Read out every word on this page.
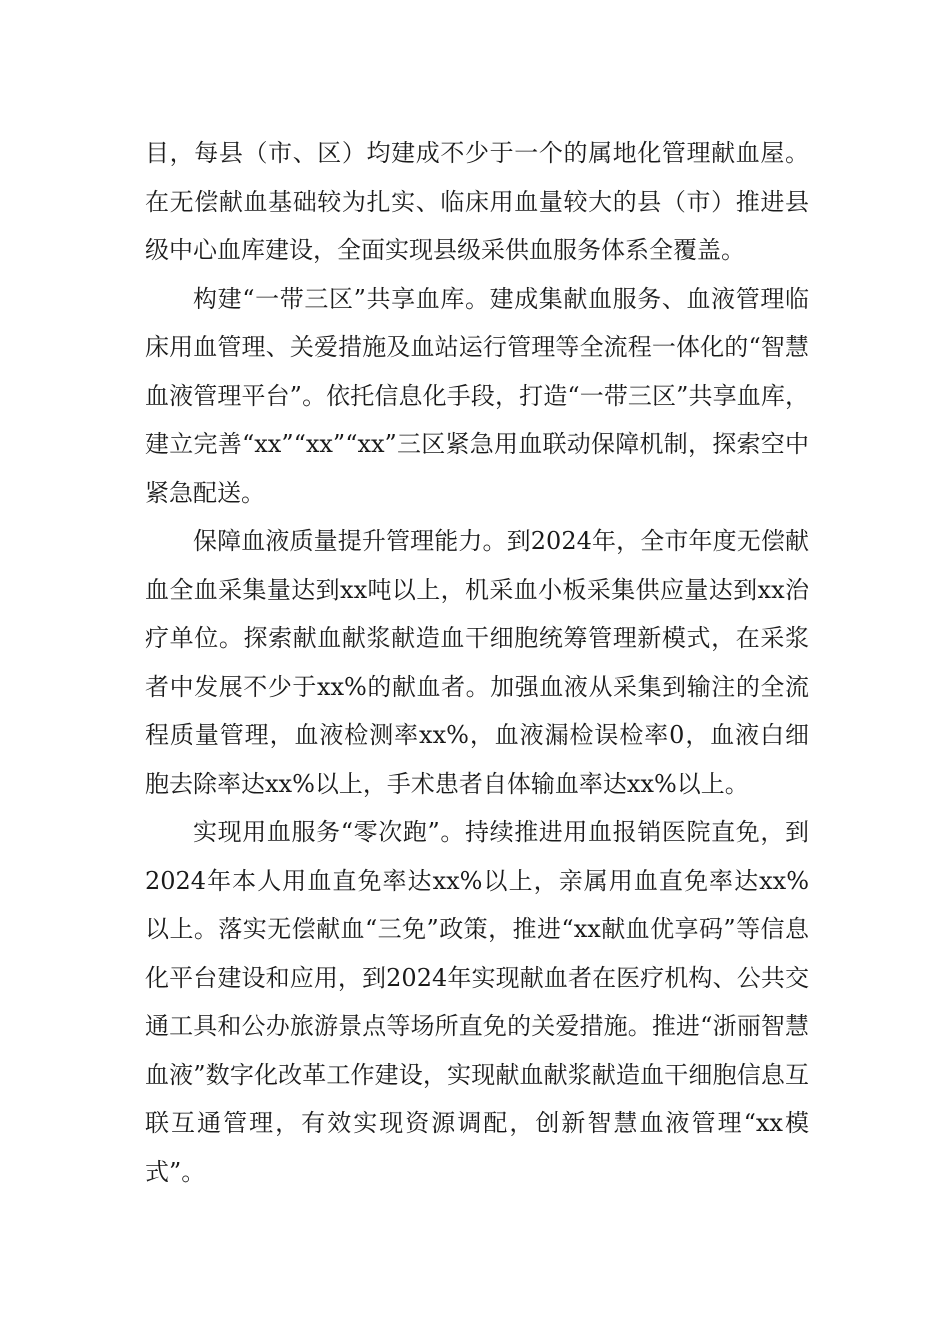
目，每县（市、区）均建成不少于一个的属地化管理献血屋。在无偿献血基础较为扎实、临床用血量较大的县（市）推进县级中心血库建设，全面实现县级采供血服务体系全覆盖。

构建“一带三区”共享血库。建成集献血服务、血液管理临床用血管理、关爱措施及血站运行管理等全流程一体化的“智慧血液管理平台”。依托信息化手段，打造“一带三区”共享血库，建立完善“xx”“xx”“xx”三区紧急用血联动保障机制，探索空中紧急配送。

保障血液质量提升管理能力。到2024年，全市年度无偿献血全血采集量达到xx吨以上，机采血小板采集供应量达到xx治疗单位。探索献血献浆献造血干细胞统筹管理新模式，在采浆者中发展不少于xx%的献血者。加强血液从采集到输注的全流程质量管理，血液检测率xx%，血液漏检误检率0，血液白细胞去除率达xx%以上，手术患者自体输血率达xx%以上。

实现用血服务“零次跑”。持续推进用血报销医院直免，到2024年本人用血直免率达xx%以上，亲属用血直免率达xx%以上。落实无偿献血“三免”政策，推进“xx献血优享码”等信息化平台建设和应用，到2024年实现献血者在医疗机构、公共交通工具和公办旅游景点等场所直免的关爱措施。推进“浙丽智慧血液”数字化改革工作建设，实现献血献浆献造血干细胞信息互联互通管理，有效实现资源调配，创新智慧血液管理“xx模式”。
